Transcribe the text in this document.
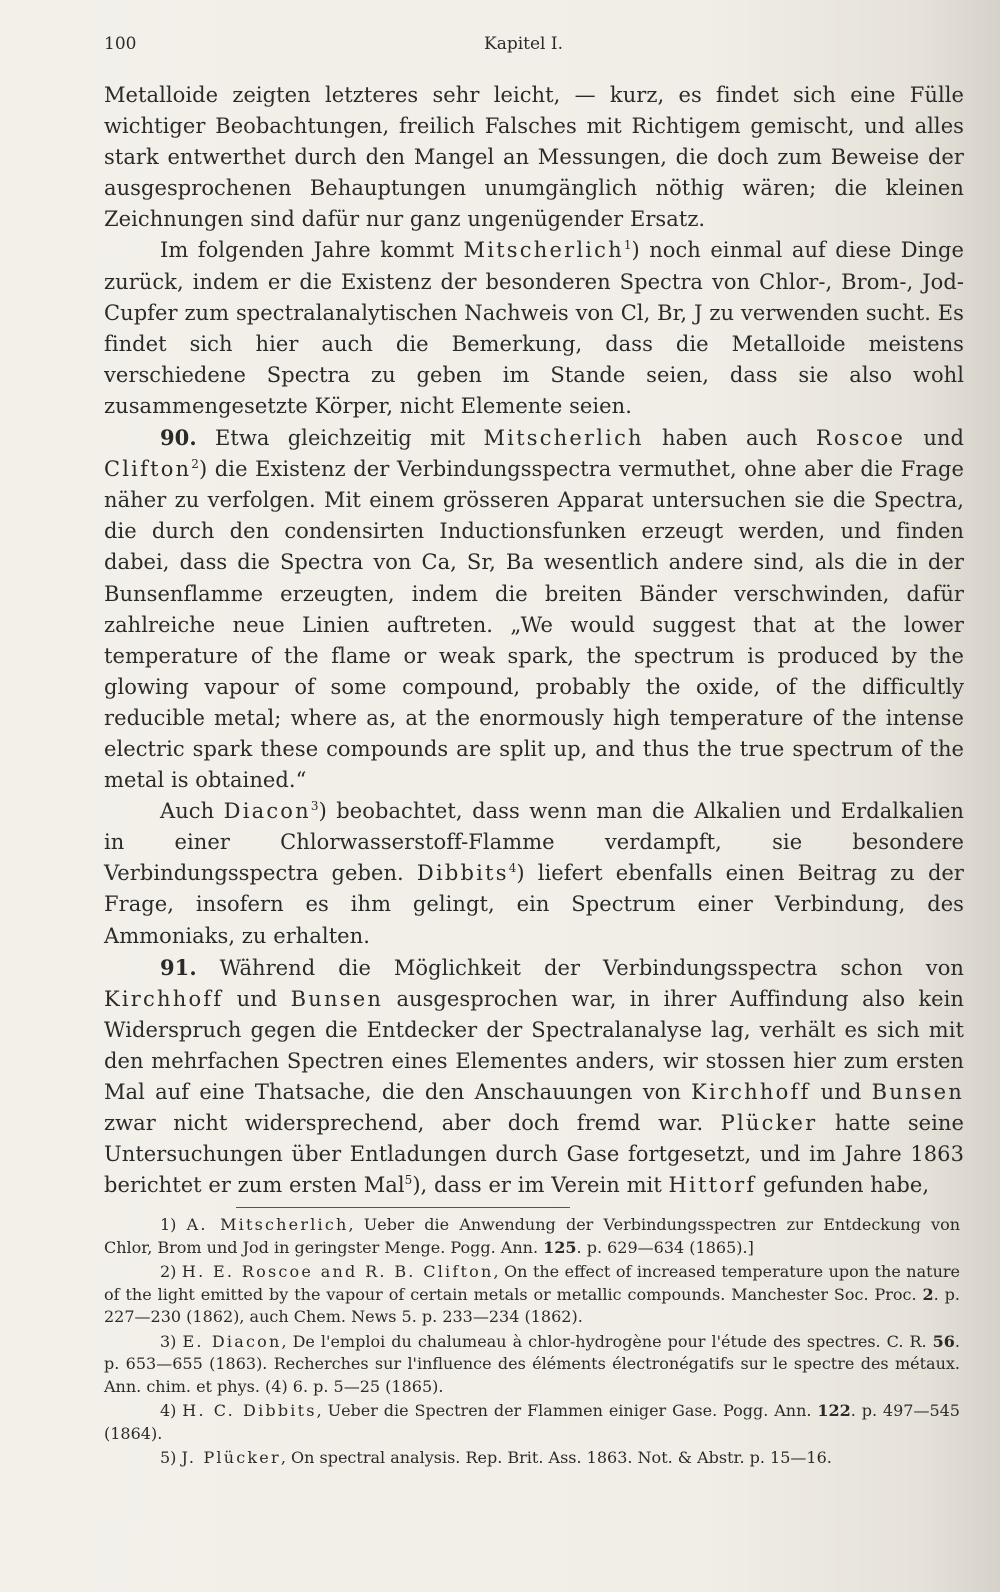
100	Kapitel I.

Metalloide zeigten letzteres sehr leicht, — kurz, es findet sich eine Fülle wichtiger Beobachtungen, freilich Falsches mit Richtigem gemischt, und alles stark entwerthet durch den Mangel an Messungen, die doch zum Beweise der ausgesprochenen Behauptungen unumgänglich nöthig wären; die kleinen Zeichnungen sind dafür nur ganz ungenügender Ersatz.

Im folgenden Jahre kommt Mitscherlich$^1$) noch einmal auf diese Dinge zurück, indem er die Existenz der besonderen Spectra von Chlor-, Brom-, Jod-Cupfer zum spectralanalytischen Nachweis von Cl, Br, J zu verwenden sucht. Es findet sich hier auch die Bemerkung, dass die Metalloide meistens verschiedene Spectra zu geben im Stande seien, dass sie also wohl zusammengesetzte Körper, nicht Elemente seien.

90. Etwa gleichzeitig mit Mitscherlich haben auch Roscoe und Clifton$^2$) die Existenz der Verbindungsspectra vermuthet, ohne aber die Frage näher zu verfolgen. Mit einem grösseren Apparat untersuchen sie die Spectra, die durch den condensirten Inductionsfunken erzeugt werden, und finden dabei, dass die Spectra von Ca, Sr, Ba wesentlich andere sind, als die in der Bunsenflamme erzeugten, indem die breiten Bänder verschwinden, dafür zahlreiche neue Linien auftreten. „We would suggest that at the lower temperature of the flame or weak spark, the spectrum is produced by the glowing vapour of some compound, probably the oxide, of the difficultly reducible metal; where as, at the enormously high temperature of the intense electric spark these compounds are split up, and thus the true spectrum of the metal is obtained.“

Auch Diacon$^3$) beobachtet, dass wenn man die Alkalien und Erdalkalien in einer Chlorwasserstoff-Flamme verdampft, sie besondere Verbindungsspectra geben. Dibbits$^4$) liefert ebenfalls einen Beitrag zu der Frage, insofern es ihm gelingt, ein Spectrum einer Verbindung, des Ammoniaks, zu erhalten.

91. Während die Möglichkeit der Verbindungsspectra schon von Kirchhoff und Bunsen ausgesprochen war, in ihrer Auffindung also kein Widerspruch gegen die Entdecker der Spectralanalyse lag, verhält es sich mit den mehrfachen Spectren eines Elementes anders, wir stossen hier zum ersten Mal auf eine Thatsache, die den Anschauungen von Kirchhoff und Bunsen zwar nicht widersprechend, aber doch fremd war. Plücker hatte seine Untersuchungen über Entladungen durch Gase fortgesetzt, und im Jahre 1863 berichtet er zum ersten Mal$^5$), dass er im Verein mit Hittorf gefunden habe,

1) A. Mitscherlich, Ueber die Anwendung der Verbindungsspectren zur Entdeckung von Chlor, Brom und Jod in geringster Menge. Pogg. Ann. 125. p. 629—634 (1865).]

2) H. E. Roscoe and R. B. Clifton, On the effect of increased temperature upon the nature of the light emitted by the vapour of certain metals or metallic compounds. Manchester Soc. Proc. 2. p. 227—230 (1862), auch Chem. News 5. p. 233—234 (1862).

3) E. Diacon, De l'emploi du chalumeau à chlor-hydrogène pour l'étude des spectres. C. R. 56. p. 653—655 (1863). Recherches sur l'influence des éléments électronégatifs sur le spectre des métaux. Ann. chim. et phys. (4) 6. p. 5—25 (1865).

4) H. C. Dibbits, Ueber die Spectren der Flammen einiger Gase. Pogg. Ann. 122. p. 497—545 (1864).

5) J. Plücker, On spectral analysis. Rep. Brit. Ass. 1863. Not. & Abstr. p. 15—16.
